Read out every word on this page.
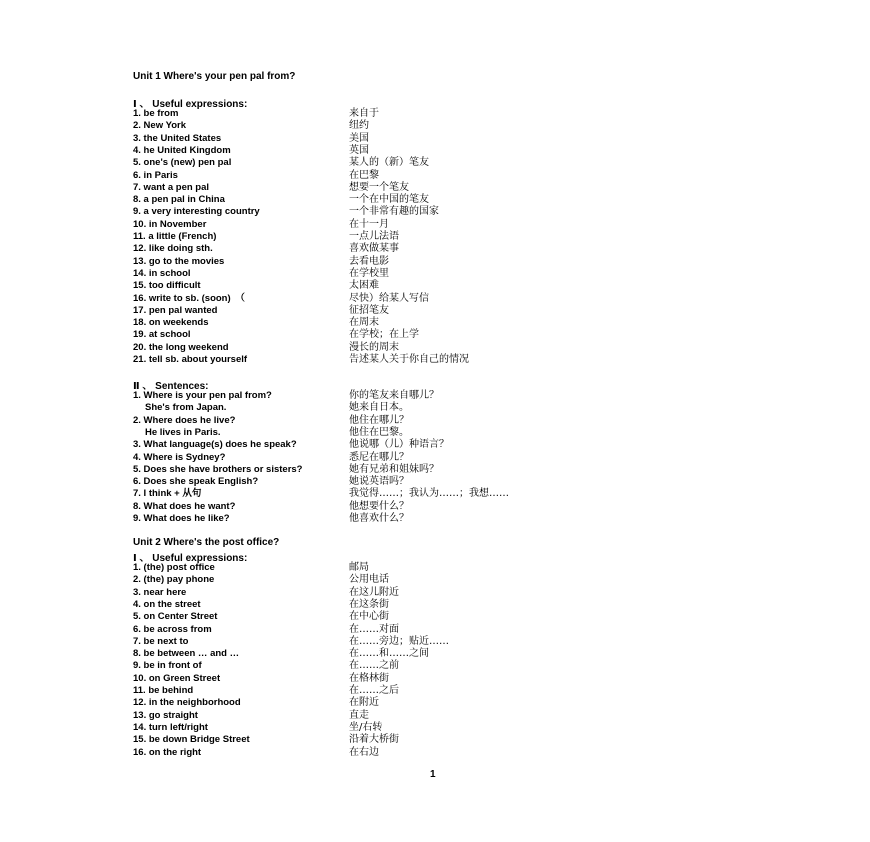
Unit 1 Where's your pen pal from?
Ⅰ 、 Useful expressions:
1. be from	来自于
2. New York	纽约
3. the United States	美国
4. he United Kingdom	英国
5. one's (new) pen pal	某人的（新）笔友
6. in Paris	在巴黎
7. want a pen pal	想要一个笔友
8. a pen pal in China	一个在中国的笔友
9. a very interesting country	一个非常有趣的国家
10. in November	在十一月
11. a little (French)	一点儿法语
12. like doing sth.	喜欢做某事
13. go to the movies	去看电影
14. in school	在学校里
15. too difficult	太困难
16. write to sb. (soon)　（	尽快）给某人写信
17. pen pal wanted	征招笔友
18. on weekends	在周末
19. at school	在学校；在上学
20. the long weekend	漫长的周末
21. tell sb. about yourself	告述某人关于你自己的情况
Ⅱ 、 Sentences:
1. Where is your pen pal from?	你的笔友来自哪儿？
She's from Japan.	她来自日本。
2. Where does he live?	他住在哪儿？
He lives in Paris.	他住在巴黎。
3. What language(s) does he speak?	他说哪（儿）种语言？
4. Where is Sydney?	悉尼在哪儿？
5. Does she have brothers or sisters?	她有兄弟和姐妹吗？
6. Does she speak English?	她说英语吗？
7. I think + 从句	我觉得……；我认为……；我想……
8. What does he want?	他想要什么？
9. What does he like?	他喜欢什么？
Unit 2 Where's the post office?
Ⅰ 、 Useful expressions:
1. (the) post office	邮局
2. (the) pay phone	公用电话
3. near here	在这儿附近
4. on the street	在这条街
5. on Center Street	在中心街
6. be across from	在……对面
7. be next to	在……旁边；贴近……
8. be between … and …	在……和……之间
9. be in front of	在……之前
10. on Green Street	在格林街
11. be behind	在……之后
12. in the neighborhood	在附近
13. go straight	直走
14. turn left/right	坐/右转
15. be down Bridge Street	沿着大桥街
16. on the right	在右边
1
